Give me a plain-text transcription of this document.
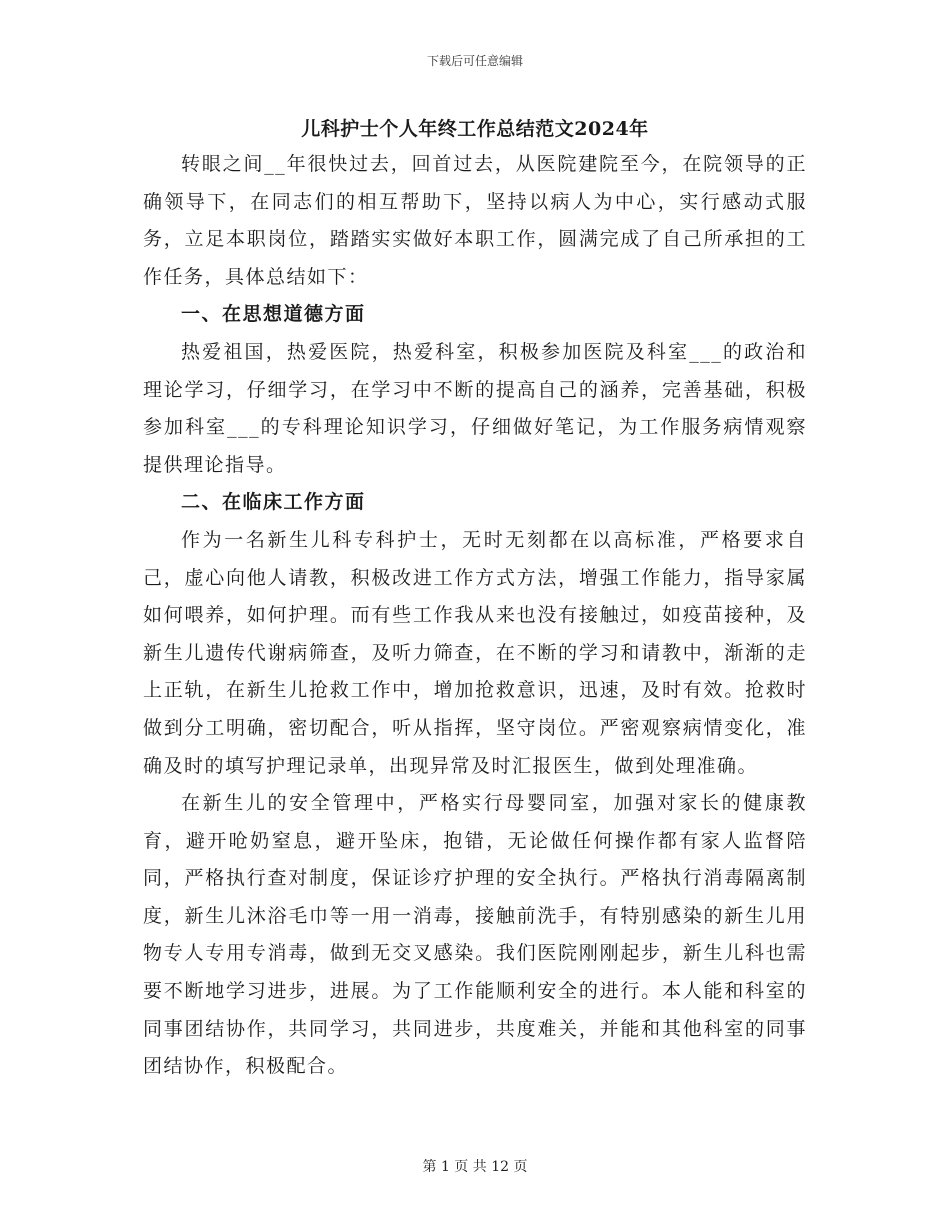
下载后可任意编辑
儿科护士个人年终工作总结范文2024年

转眼之间__年很快过去，回首过去，从医院建院至今，在院领导的正确领导下，在同志们的相互帮助下，坚持以病人为中心，实行感动式服务，立足本职岗位，踏踏实实做好本职工作，圆满完成了自己所承担的工作任务，具体总结如下：

一、在思想道德方面

热爱祖国，热爱医院，热爱科室，积极参加医院及科室___的政治和理论学习，仔细学习，在学习中不断的提高自己的涵养，完善基础，积极参加科室___的专科理论知识学习，仔细做好笔记，为工作服务病情观察提供理论指导。

二、在临床工作方面

作为一名新生儿科专科护士，无时无刻都在以高标准，严格要求自己，虚心向他人请教，积极改进工作方式方法，增强工作能力，指导家属如何喂养，如何护理。而有些工作我从来也没有接触过，如疫苗接种，及新生儿遗传代谢病筛查，及听力筛查，在不断的学习和请教中，渐渐的走上正轨，在新生儿抢救工作中，增加抢救意识，迅速，及时有效。抢救时做到分工明确，密切配合，听从指挥，坚守岗位。严密观察病情变化，准确及时的填写护理记录单，出现异常及时汇报医生，做到处理准确。

在新生儿的安全管理中，严格实行母婴同室，加强对家长的健康教育，避开呛奶窒息，避开坠床，抱错，无论做任何操作都有家人监督陪同，严格执行查对制度，保证诊疗护理的安全执行。严格执行消毒隔离制度，新生儿沐浴毛巾等一用一消毒，接触前洗手，有特别感染的新生儿用物专人专用专消毒，做到无交叉感染。我们医院刚刚起步，新生儿科也需要不断地学习进步，进展。为了工作能顺利安全的进行。本人能和科室的同事团结协作，共同学习，共同进步，共度难关，并能和其他科室的同事团结协作，积极配合。

第 1 页 共 12 页
